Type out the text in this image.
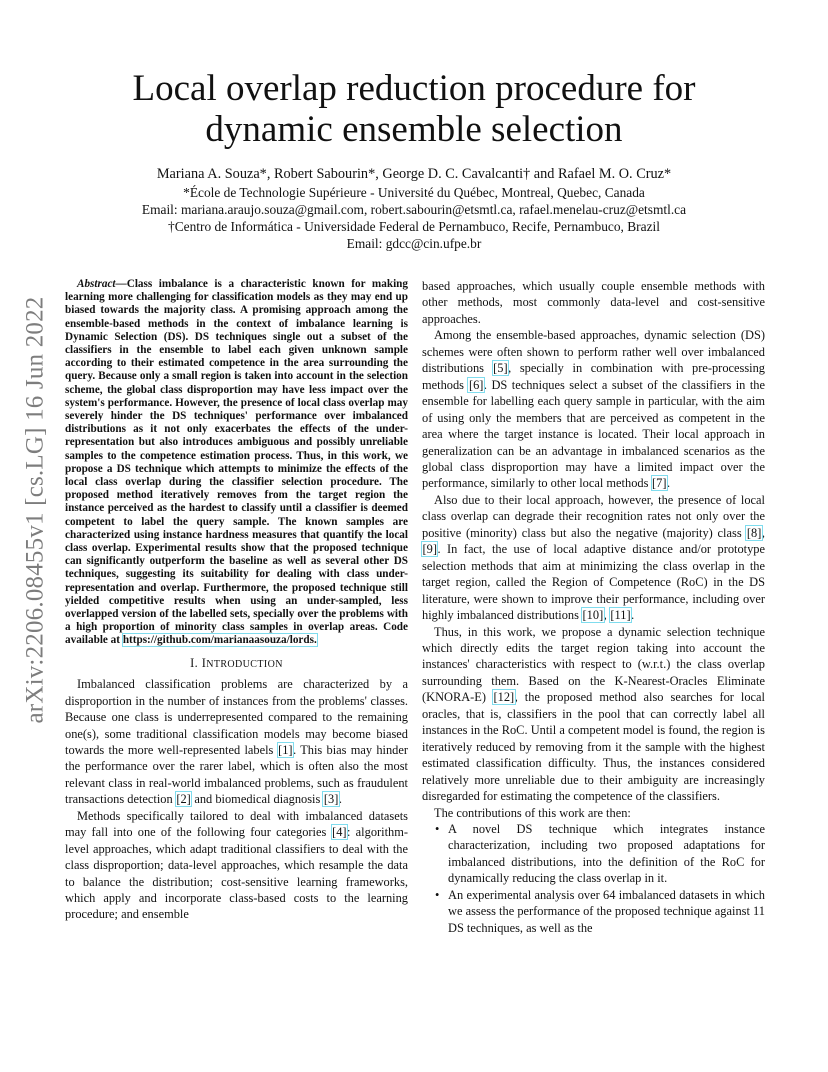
arXiv:2206.08455v1 [cs.LG] 16 Jun 2022
Local overlap reduction procedure for dynamic ensemble selection
Mariana A. Souza*, Robert Sabourin*, George D. C. Cavalcanti† and Rafael M. O. Cruz*
*École de Technologie Supérieure - Université du Québec, Montreal, Quebec, Canada
Email: mariana.araujo.souza@gmail.com, robert.sabourin@etsmtl.ca, rafael.menelau-cruz@etsmtl.ca
†Centro de Informática - Universidade Federal de Pernambuco, Recife, Pernambuco, Brazil
Email: gdcc@cin.ufpe.br

Abstract—Class imbalance is a characteristic known for making learning more challenging for classification models as they may end up biased towards the majority class. A promising approach among the ensemble-based methods in the context of imbalance learning is Dynamic Selection (DS). DS techniques single out a subset of the classifiers in the ensemble to label each given unknown sample according to their estimated competence in the area surrounding the query. Because only a small region is taken into account in the selection scheme, the global class disproportion may have less impact over the system's performance. However, the presence of local class overlap may severely hinder the DS techniques' performance over imbalanced distributions as it not only exacerbates the effects of the under-representation but also introduces ambiguous and possibly unreliable samples to the competence estimation process. Thus, in this work, we propose a DS technique which attempts to minimize the effects of the local class overlap during the classifier selection procedure. The proposed method iteratively removes from the target region the instance perceived as the hardest to classify until a classifier is deemed competent to label the query sample. The known samples are characterized using instance hardness measures that quantify the local class overlap. Experimental results show that the proposed technique can significantly outperform the baseline as well as several other DS techniques, suggesting its suitability for dealing with class under-representation and overlap. Furthermore, the proposed technique still yielded competitive results when using an under-sampled, less overlapped version of the labelled sets, specially over the problems with a high proportion of minority class samples in overlap areas. Code available at https://github.com/marianaasouza/lords.

I. INTRODUCTION

Imbalanced classification problems are characterized by a disproportion in the number of instances from the problems' classes. Because one class is underrepresented compared to the remaining one(s), some traditional classification models may become biased towards the more well-represented labels [1]. This bias may hinder the performance over the rarer label, which is often also the most relevant class in real-world imbalanced problems, such as fraudulent transactions detection [2] and biomedical diagnosis [3].

Methods specifically tailored to deal with imbalanced datasets may fall into one of the following four categories [4]: algorithm-level approaches, which adapt traditional classifiers to deal with the class disproportion; data-level approaches, which resample the data to balance the distribution; cost-sensitive learning frameworks, which apply and incorporate class-based costs to the learning procedure; and ensemble

based approaches, which usually couple ensemble methods with other methods, most commonly data-level and cost-sensitive approaches.

Among the ensemble-based approaches, dynamic selection (DS) schemes were often shown to perform rather well over imbalanced distributions [5], specially in combination with pre-processing methods [6]. DS techniques select a subset of the classifiers in the ensemble for labelling each query sample in particular, with the aim of using only the members that are perceived as competent in the area where the target instance is located. Their local approach in generalization can be an advantage in imbalanced scenarios as the global class disproportion may have a limited impact over the performance, similarly to other local methods [7].

Also due to their local approach, however, the presence of local class overlap can degrade their recognition rates not only over the positive (minority) class but also the negative (majority) class [8], [9]. In fact, the use of local adaptive distance and/or prototype selection methods that aim at minimizing the class overlap in the target region, called the Region of Competence (RoC) in the DS literature, were shown to improve their performance, including over highly imbalanced distributions [10], [11].

Thus, in this work, we propose a dynamic selection technique which directly edits the target region taking into account the instances' characteristics with respect to (w.r.t.) the class overlap surrounding them. Based on the K-Nearest-Oracles Eliminate (KNORA-E) [12], the proposed method also searches for local oracles, that is, classifiers in the pool that can correctly label all instances in the RoC. Until a competent model is found, the region is iteratively reduced by removing from it the sample with the highest estimated classification difficulty. Thus, the instances considered relatively more unreliable due to their ambiguity are increasingly disregarded for estimating the competence of the classifiers.

The contributions of this work are then:

• A novel DS technique which integrates instance characterization, including two proposed adaptations for imbalanced distributions, into the definition of the RoC for dynamically reducing the class overlap in it.
• An experimental analysis over 64 imbalanced datasets in which we assess the performance of the proposed technique against 11 DS techniques, as well as the
